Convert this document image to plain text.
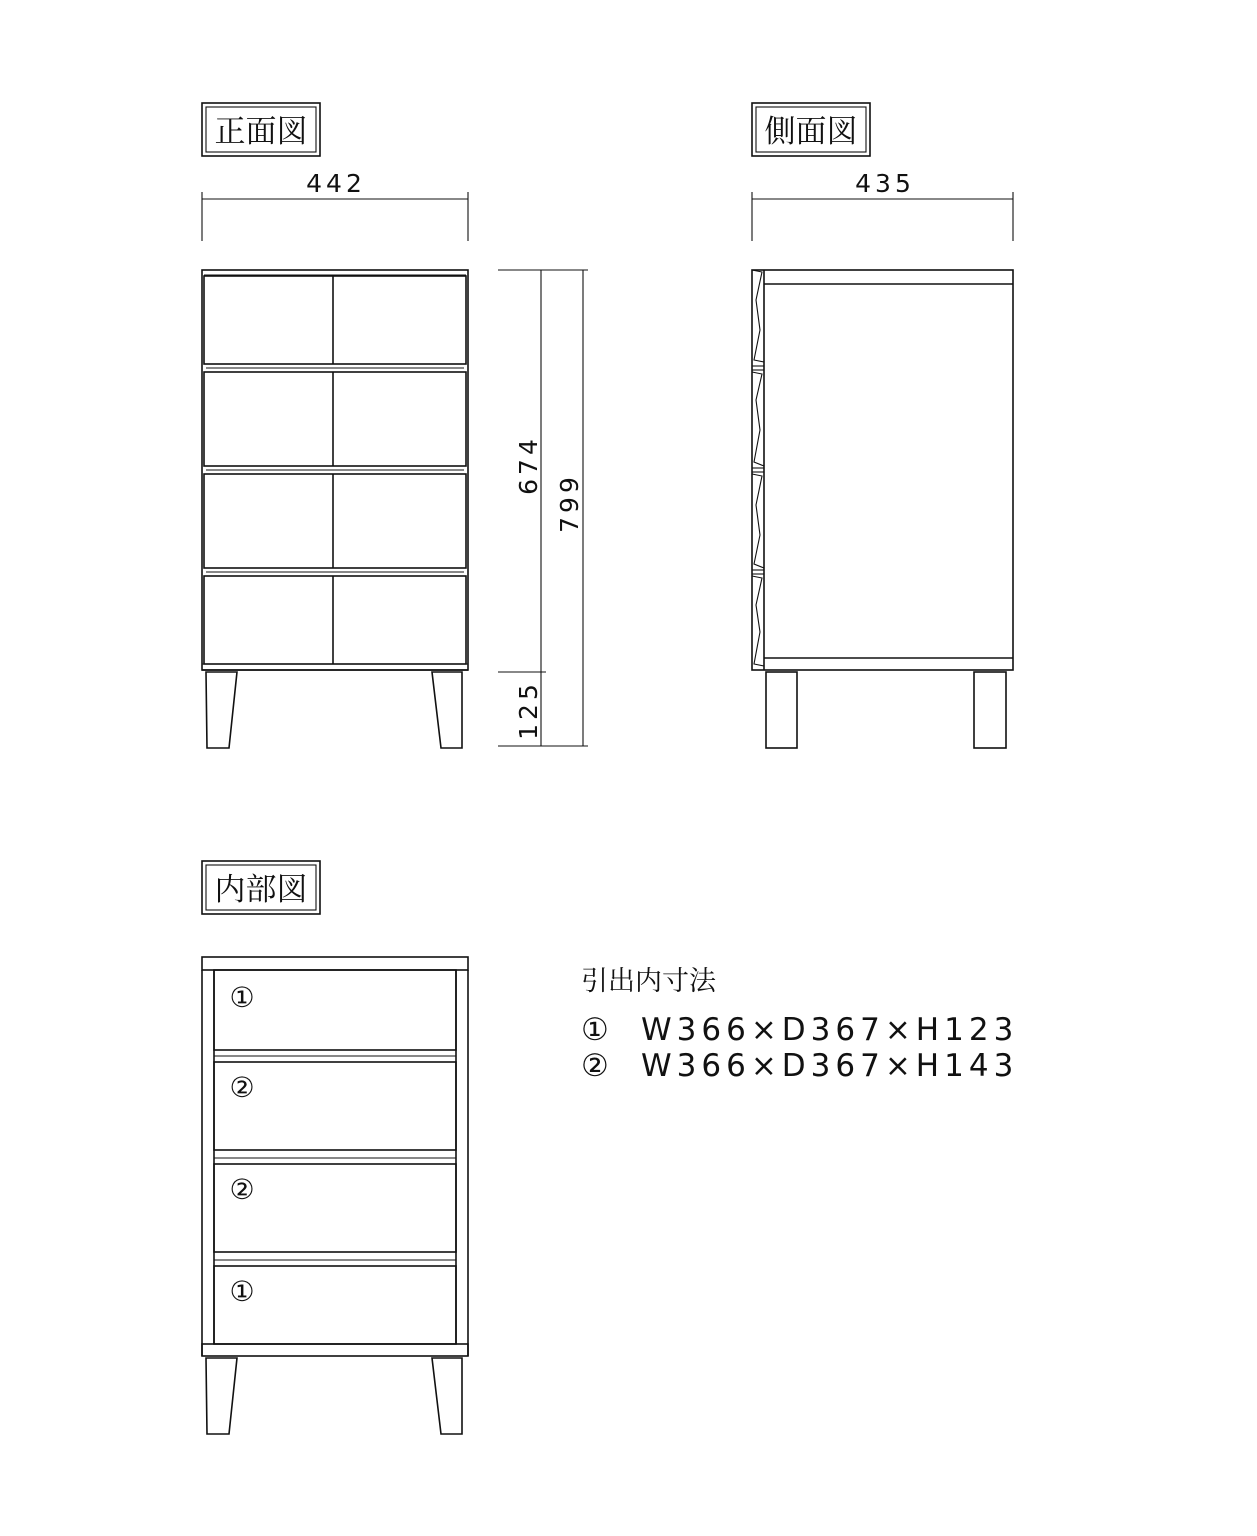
正面図
442
674
799
125
側面図
435
内部図
①
②
②
①
引出内寸法
① W366×D367×H123
② W366×D367×H143
